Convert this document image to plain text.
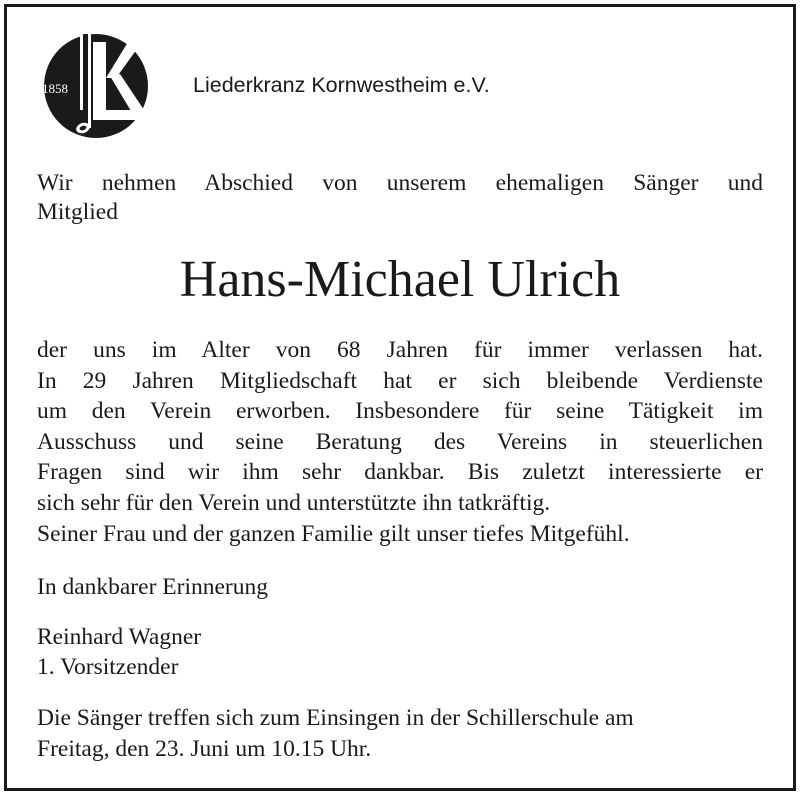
1858	Liederkranz Kornwestheim e.V.
Wir nehmen Abschied von unserem ehemaligen Sänger und
Mitglied
Hans-Michael Ulrich
der uns im Alter von 68 Jahren für immer verlassen hat.
In 29 Jahren Mitgliedschaft hat er sich bleibende Verdienste
um den Verein erworben. Insbesondere für seine Tätigkeit im
Ausschuss und seine Beratung des Vereins in steuerlichen
Fragen sind wir ihm sehr dankbar. Bis zuletzt interessierte er
sich sehr für den Verein und unterstützte ihn tatkräftig.
Seiner Frau und der ganzen Familie gilt unser tiefes Mitgefühl.
In dankbarer Erinnerung
Reinhard Wagner
1. Vorsitzender
Die Sänger treffen sich zum Einsingen in der Schillerschule am
Freitag, den 23. Juni um 10.15 Uhr.
